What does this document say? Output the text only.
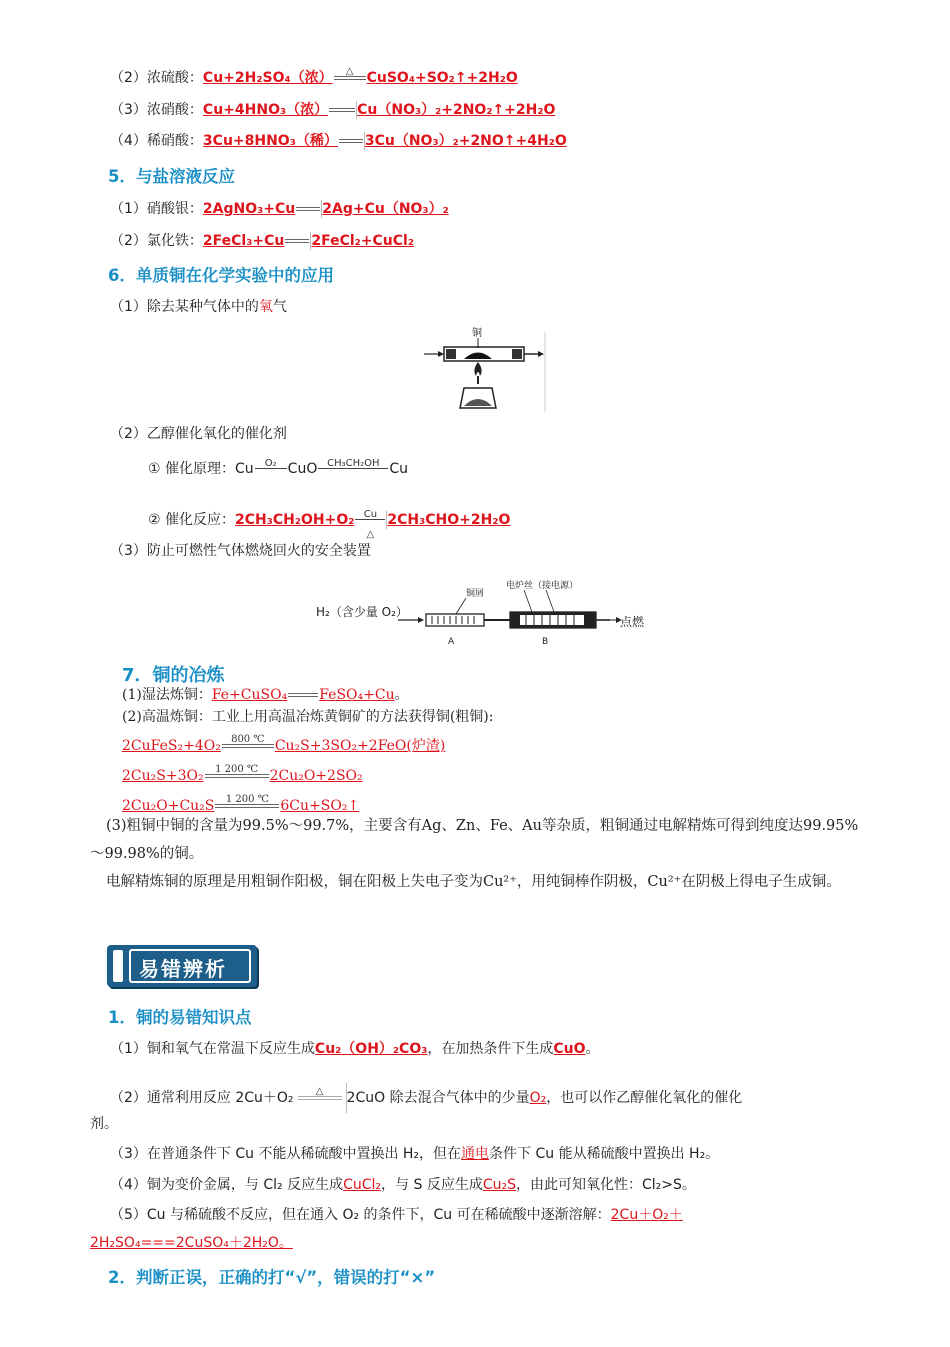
（2）浓硫酸：Cu+2H₂SO₄（浓）	△ CuSO₄+SO₂↑+2H₂O
（3）浓硝酸：Cu+4HNO₃（浓） Cu（NO₃）₂+2NO₂↑+2H₂O
（4）稀硝酸：3Cu+8HNO₃（稀） 3Cu（NO₃）₂+2NO↑+4H₂O
5．与盐溶液反应
（1）硝酸银：2AgNO₃+Cu 2Ag+Cu（NO₃）₂
（2）氯化铁：2FeCl₃+Cu 2FeCl₂+CuCl₂
6．单质铜在化学实验中的应用
（1）除去某种气体中的氧气
铜
（2）乙醇催化氧化的催化剂
① 催化原理：Cu	O₂ CuO CH₃CH₂OH Cu
② 催化反应：2CH₃CH₂OH+O₂ Cu
△
2CH₃CHO+2H₂O
（3）防止可燃性气体燃烧回火的安全装置
H₂（含少量 O₂）
点燃
铜屑
电炉丝（接电源）
A	B
7．铜的冶炼
(1)湿法炼铜：Fe+CuSO₄ FeSO₄+Cu。
(2)高温炼铜：工业上用高温冶炼黄铜矿的方法获得铜(粗铜):
2CuFeS₂+4O₂	800 ℃ Cu₂S+3SO₂+2FeO(炉渣)
2Cu₂S+3O₂	1 200 ℃ 2Cu₂O+2SO₂
2Cu₂O+Cu₂S	1 200 ℃ 6Cu+SO₂↑
(3)粗铜中铜的含量为99.5%～99.7%，主要含有Ag、Zn、Fe、Au等杂质，粗铜通过电解精炼可得到纯度达99.95%～99.98%的铜。
电解精炼铜的原理是用粗铜作阳极，铜在阳极上失电子变为Cu²⁺，用纯铜棒作阴极，Cu²⁺在阴极上得电子生成铜。
易错辨析
1．铜的易错知识点
（1）铜和氧气在常温下反应生成Cu₂（OH）₂CO₃，在加热条件下生成CuO。
（2）通常利用反应 2Cu＋O₂	△	2CuO 除去混合气体中的少量O₂，也可以作乙醇催化氧化的催化
剂。
（3）在普通条件下 Cu 不能从稀硫酸中置换出 H₂，但在通电条件下 Cu 能从稀硫酸中置换出 H₂。
（4）铜为变价金属，与 Cl₂ 反应生成CuCl₂，与 S 反应生成Cu₂S，由此可知氧化性：Cl₂>S。
（5）Cu 与稀硫酸不反应，但在通入 O₂ 的条件下，Cu 可在稀硫酸中逐渐溶解：2Cu＋O₂＋
2H₂SO₄===2CuSO₄＋2H₂O。
2．判断正误，正确的打“√”，错误的打“×”
